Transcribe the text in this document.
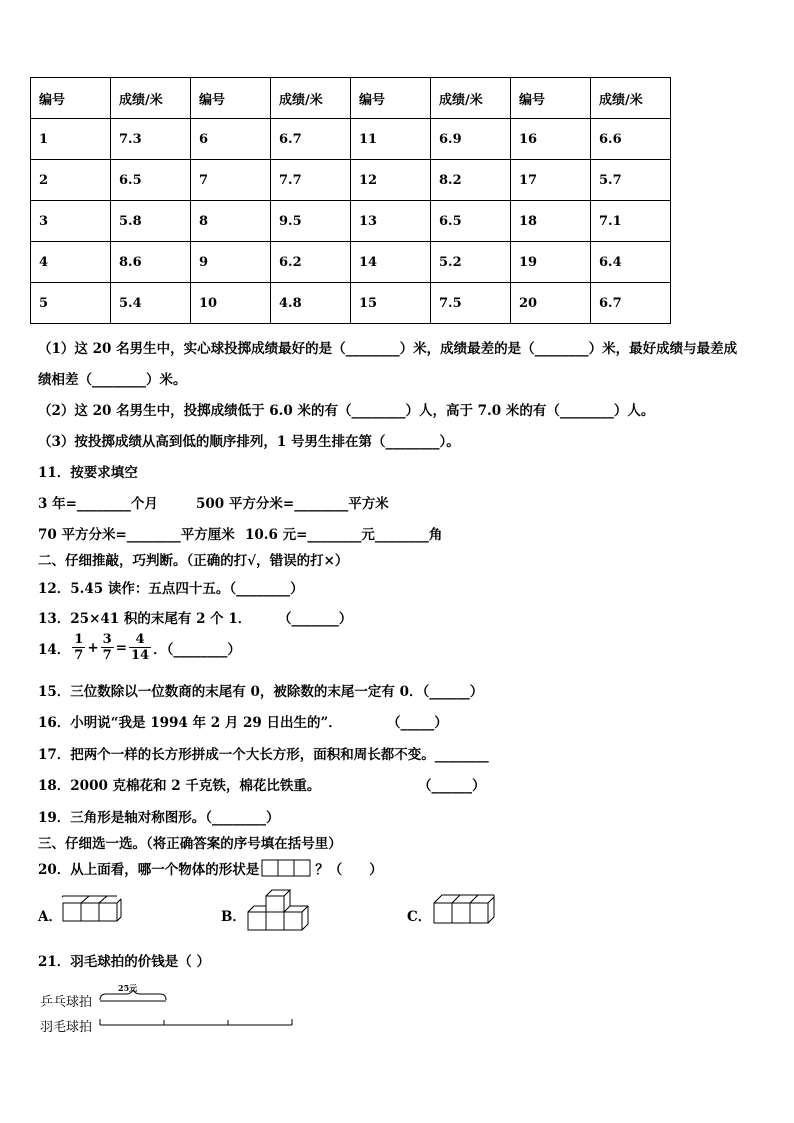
编号	成绩/米	编号	成绩/米	编号	成绩/米	编号	成绩/米
1	7.3	6	6.7	11	6.9	16	6.6
2	6.5	7	7.7	12	8.2	17	5.7
3	5.8	8	9.5	13	6.5	18	7.1
4	8.6	9	6.2	14	5.2	19	6.4
5	5.4	10	4.8	15	7.5	20	6.7
（1）这 20 名男生中，实心球投掷成绩最好的是（________）米，成绩最差的是（________）米，最好成绩与最差成
绩相差（________）米。
（2）这 20 名男生中，投掷成绩低于 6.0 米的有（________）人，高于 7.0 米的有（________）人。
（3）按投掷成绩从高到低的顺序排列，1 号男生排在第（________）。
11．按要求填空
3 年=________个月	500 平方分米=________平方米
70 平方分米=________平方厘米 10.6 元=________元________角
二、仔细推敲，巧判断。（正确的打√，错误的打×）
12．5.45 读作：五点四十五。（________）
13．25×41 积的末尾有 2 个 1． （_______）
14． $\frac{1}{7} + \frac{3}{7} = \frac{4}{14}$ ．（________）
15．三位数除以一位数商的末尾有 0，被除数的末尾一定有 0．（______）
16．小明说“我是 1994 年 2 月 29 日出生的”．	（_____）
17．把两个一样的长方形拼成一个大长方形，面积和周长都不变。________
18．2000 克棉花和 2 千克铁，棉花比铁重。	（______）
19．三角形是轴对称图形。（________）
三、仔细选一选。（将正确答案的序号填在括号里）
20．从上面看，哪一个物体的形状是	？（　　）
A．	B．	C．
21．羽毛球拍的价钱是（ ）
乒乓球拍
羽毛球拍
25元
